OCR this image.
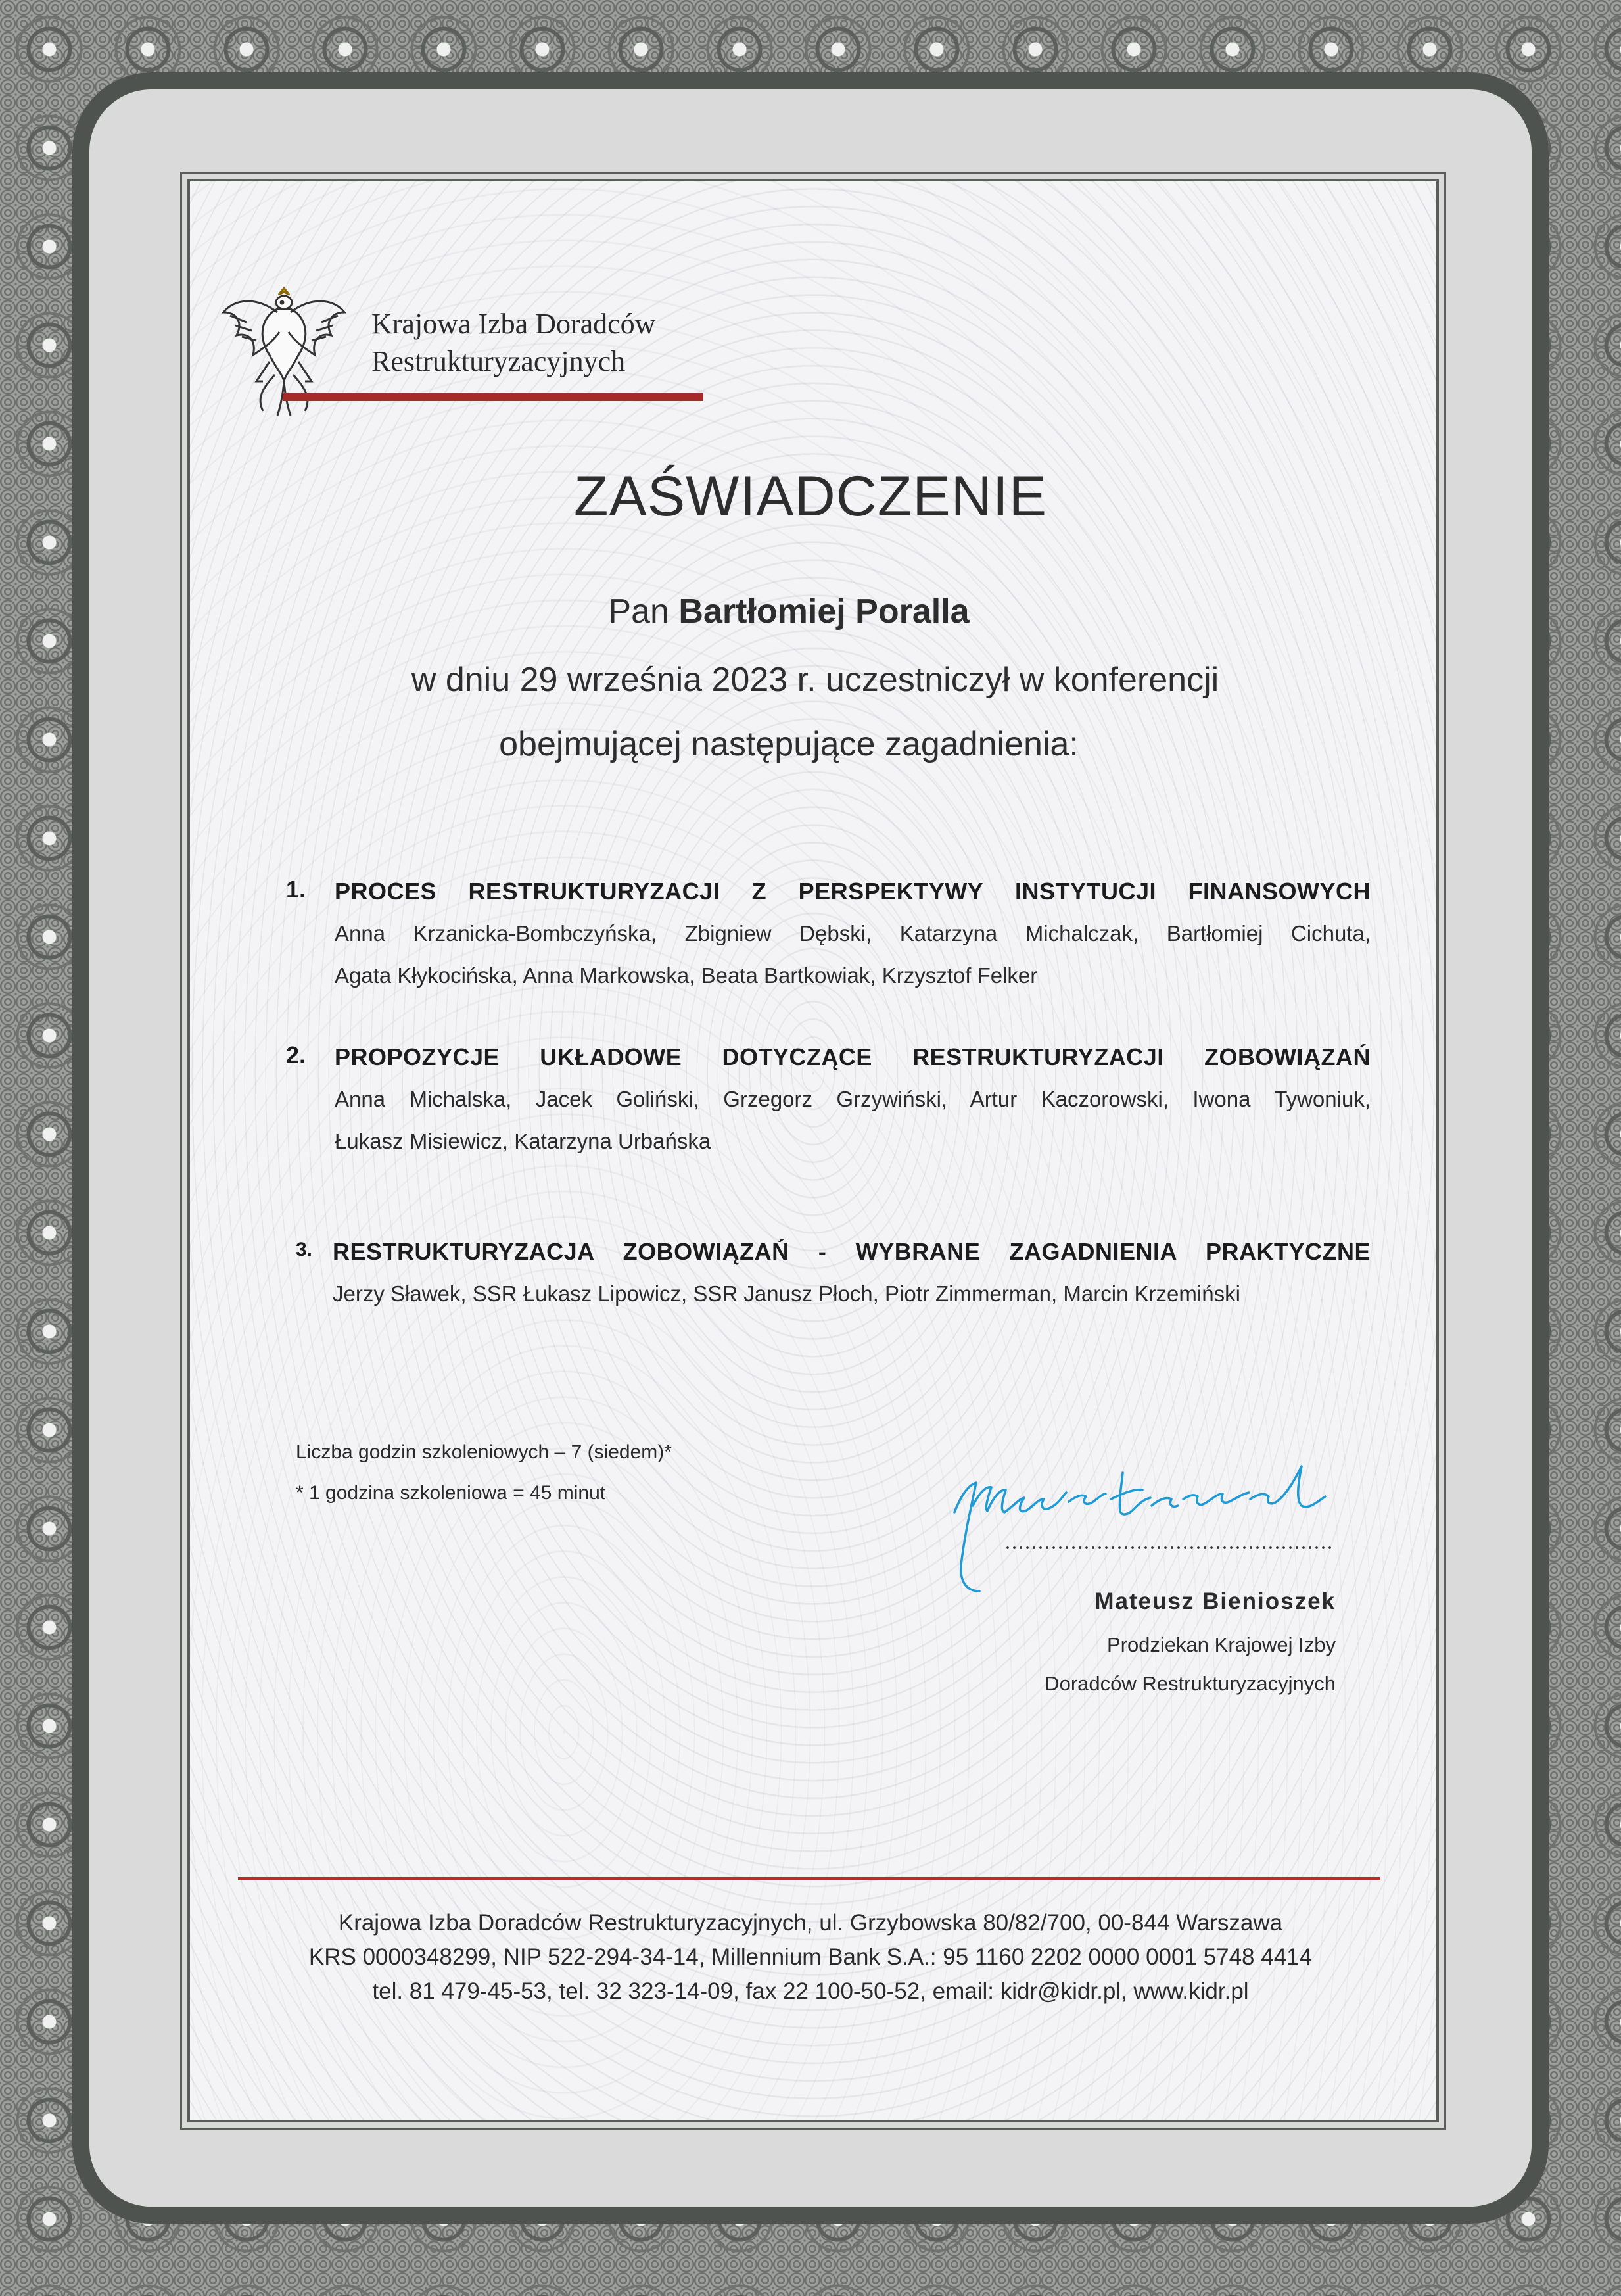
Krajowa Izba Doradców
Restrukturyzacyjnych
ZAŚWIADCZENIE
Pan Bartłomiej Poralla
w dniu 29 września 2023 r. uczestniczył w konferencji
obejmującej następujące zagadnienia:
1. PROCES RESTRUKTURYZACJI Z PERSPEKTYWY INSTYTUCJI FINANSOWYCH
Anna Krzanicka-Bombczyńska, Zbigniew Dębski, Katarzyna Michalczak, Bartłomiej Cichuta,
Agata Kłykocińska, Anna Markowska, Beata Bartkowiak, Krzysztof Felker
2. PROPOZYCJE UKŁADOWE DOTYCZĄCE RESTRUKTURYZACJI ZOBOWIĄZAŃ
Anna Michalska, Jacek Goliński, Grzegorz Grzywiński, Artur Kaczorowski, Iwona Tywoniuk,
Łukasz Misiewicz, Katarzyna Urbańska
3. RESTRUKTURYZACJA ZOBOWIĄZAŃ - WYBRANE ZAGADNIENIA PRAKTYCZNE
Jerzy Sławek, SSR Łukasz Lipowicz, SSR Janusz Płoch, Piotr Zimmerman, Marcin Krzemiński
Liczba godzin szkoleniowych – 7 (siedem)*
* 1 godzina szkoleniowa = 45 minut
Mateusz Bienioszek
Prodziekan Krajowej Izby
Doradców Restrukturyzacyjnych
Krajowa Izba Doradców Restrukturyzacyjnych, ul. Grzybowska 80/82/700, 00-844 Warszawa
KRS 0000348299, NIP 522-294-34-14, Millennium Bank S.A.: 95 1160 2202 0000 0001 5748 4414
tel. 81 479-45-53, tel. 32 323-14-09, fax 22 100-50-52, email: kidr@kidr.pl, www.kidr.pl
